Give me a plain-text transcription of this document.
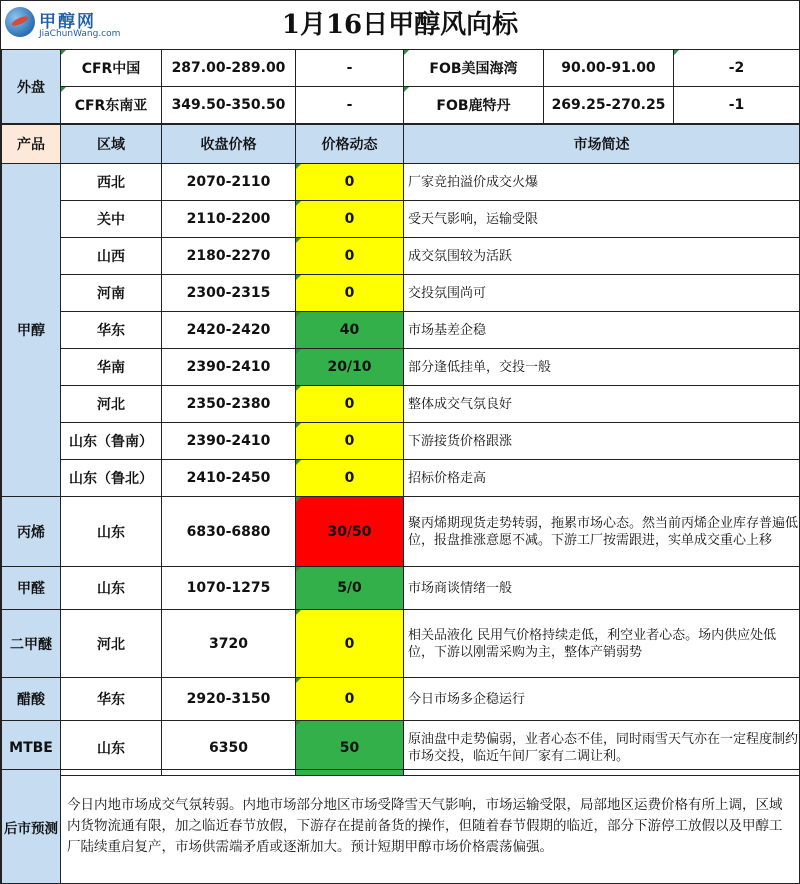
甲醇网
JiaChunWang.com	1月16日甲醇风向标
外盘	CFR中国	287.00-289.00	-	FOB美国海湾	90.00-91.00	-2
	CFR东南亚	349.50-350.50	-	FOB鹿特丹	269.25-270.25	-1
产品	区域	收盘价格	价格动态	市场简述
甲醇	西北	2070-2110	0	厂家竞拍溢价成交火爆
	关中	2110-2200	0	受天气影响，运输受限
	山西	2180-2270	0	成交氛围较为活跃
	河南	2300-2315	0	交投氛围尚可
	华东	2420-2420	40	市场基差企稳
	华南	2390-2410	20/10	部分逢低挂单，交投一般
	河北	2350-2380	0	整体成交气氛良好
	山东（鲁南）	2390-2410	0	下游接货价格跟涨
	山东（鲁北）	2410-2450	0	招标价格走高
丙烯	山东	6830-6880	30/50	聚丙烯期现货走势转弱，拖累市场心态。然当前丙烯企业库存普遍低位，报盘推涨意愿不减。下游工厂按需跟进，实单成交重心上移
甲醛	山东	1070-1275	5/0	市场商谈情绪一般
二甲醚	河北	3720	0	相关品液化 民用气价格持续走低，利空业者心态。场内供应处低位，下游以刚需采购为主，整体产销弱势
醋酸	华东	2920-3150	0	今日市场多企稳运行
MTBE	山东	6350	50	原油盘中走势偏弱，业者心态不佳，同时雨雪天气亦在一定程度制约市场交投，临近午间厂家有二调让利。
后市预测	今日内地市场成交气氛转弱。内地市场部分地区市场受降雪天气影响，市场运输受限，局部地区运费价格有所上调，区域内货物流通有限，加之临近春节放假，下游存在提前备货的操作，但随着春节假期的临近，部分下游停工放假以及甲醇工厂陆续重启复产，市场供需端矛盾或逐渐加大。预计短期甲醇市场价格震荡偏强。
